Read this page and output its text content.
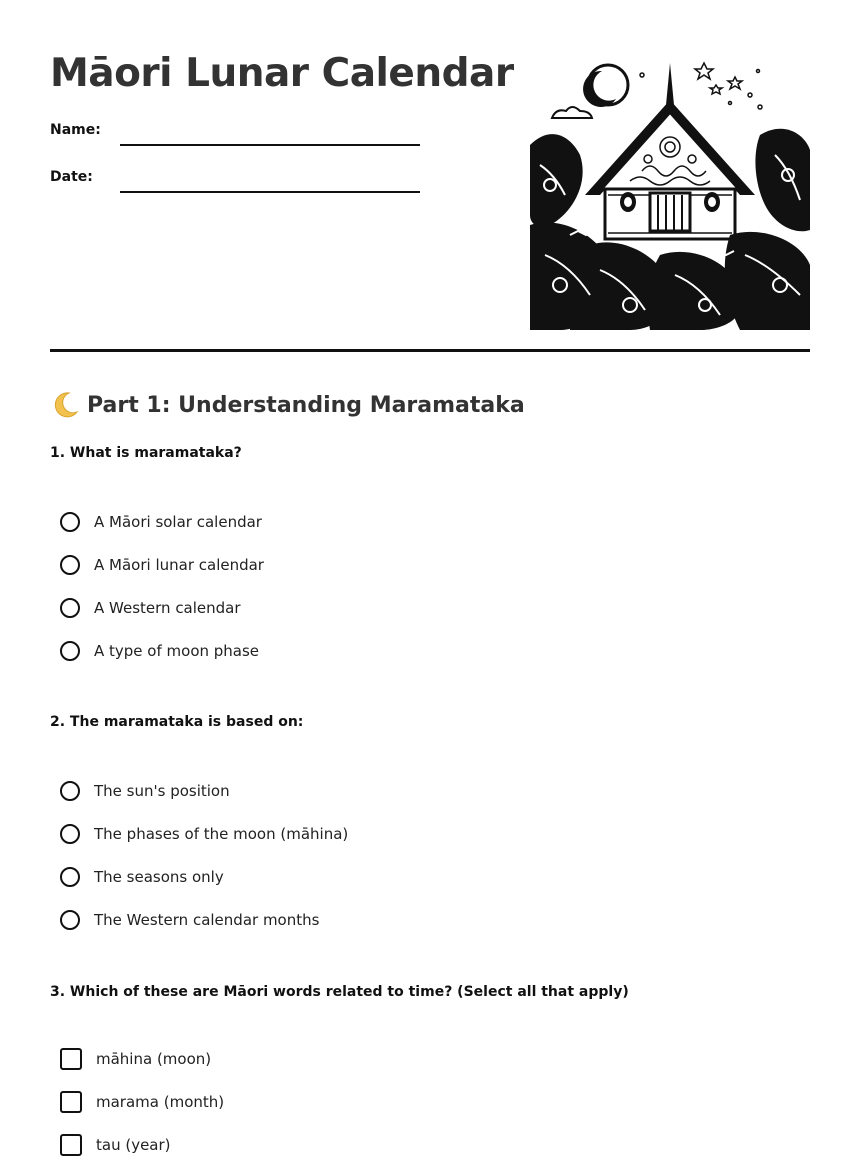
Māori Lunar Calendar
Name:
Date:
Part 1: Understanding Maramataka
1. What is maramataka?
A Māori solar calendar
A Māori lunar calendar
A Western calendar
A type of moon phase
2. The maramataka is based on:
The sun's position
The phases of the moon (māhina)
The seasons only
The Western calendar months
3. Which of these are Māori words related to time? (Select all that apply)
māhina (moon)
marama (month)
tau (year)
